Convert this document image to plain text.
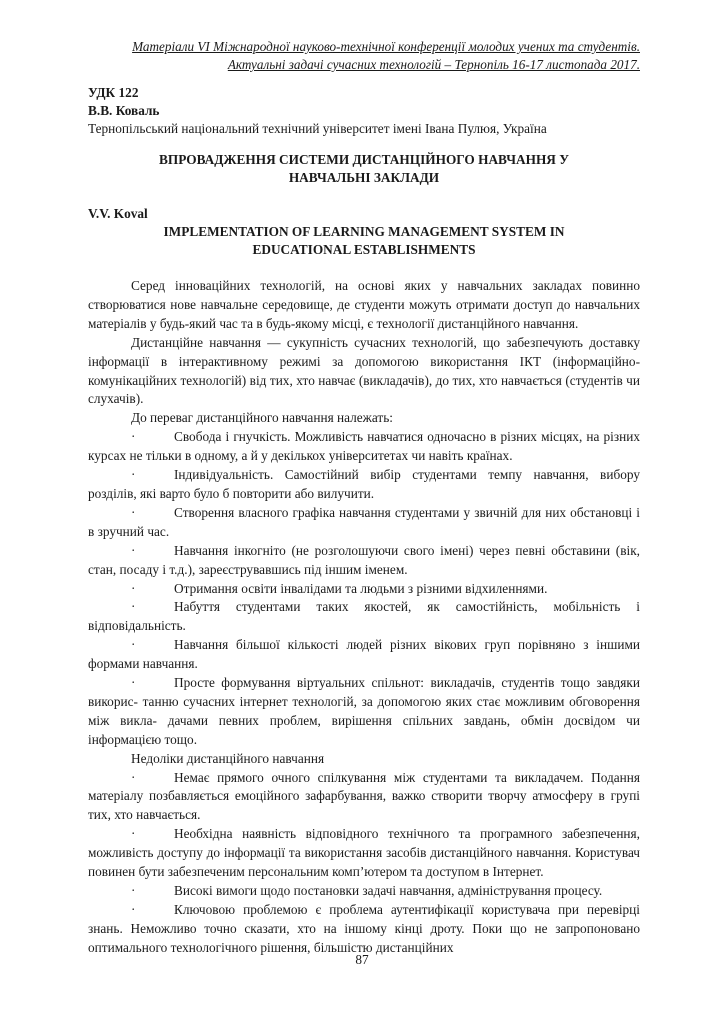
Матеріали VI Міжнародної науково-технічної конференції молодих учених та студентів.
Актуальні задачі сучасних технологій – Тернопіль 16-17 листопада 2017.
УДК 122
В.В. Коваль
Тернопільський національний технічний університет імені Івана Пулюя, Україна
ВПРОВАДЖЕННЯ СИСТЕМИ ДИСТАНЦІЙНОГО НАВЧАННЯ У
НАВЧАЛЬНІ ЗАКЛАДИ
V.V. Koval
IMPLEMENTATION OF LEARNING MANAGEMENT SYSTEM IN
EDUCATIONAL ESTABLISHMENTS

Серед інноваційних технологій, на основі яких у навчальних закладах повинно створюватися нове навчальне середовище, де студенти можуть отримати доступ до навчальних матеріалів у будь-який час та в будь-якому місці, є технології дистанційного навчання.

Дистанційне навчання — сукупність сучасних технологій, що забезпечують доставку інформації в інтерактивному режимі за допомогою використання ІКТ (інформаційно-комунікаційних технологій) від тих, хто навчає (викладачів), до тих, хто навчається (студентів чи слухачів).

До переваг дистанційного навчання належать:

·	Свобода і гнучкість. Можливість навчатися одночасно в різних місцях, на різних курсах не тільки в одному, а й у декількох університетах чи навіть країнах.

·	Індивідуальність. Самостійний вибір студентами темпу навчання, вибору розділів, які варто було б повторити або вилучити.

·	Створення власного графіка навчання студентами у звичній для них обстановці і в зручний час.

·	Навчання інкогніто (не розголошуючи свого імені) через певні обставини (вік, стан, посаду і т.д.), зареєструвавшись під іншим іменем.

·	Отримання освіти інвалідами та людьми з різними відхиленнями.

·	Набуття студентами таких якостей, як самостійність, мобільність і відповідальність.

·	Навчання більшої кількості людей різних вікових груп порівняно з іншими формами навчання.

·	Просте формування віртуальних спільнот: викладачів, студентів тощо завдяки викорис- танню сучасних інтернет технологій, за допомогою яких стає можливим обговорення між викла- дачами певних проблем, вирішення спільних завдань, обмін досвідом чи інформацією тощо.

Недоліки дистанційного навчання

·	Немає прямого очного спілкування між студентами та викладачем. Подання матеріалу позбавляється емоційного зафарбування, важко створити творчу атмосферу в групі тих, хто навчається.

·	Необхідна наявність відповідного технічного та програмного забезпечення, можливість доступу до інформації та використання засобів дистанційного навчання. Користувач повинен бути забезпеченим персональним комп’ютером та доступом в Інтернет.

·	Високі вимоги щодо постановки задачі навчання, адміністрування процесу.

·	Ключовою проблемою є проблема аутентифікації користувача при перевірці знань. Неможливо точно сказати, хто на іншому кінці дроту. Поки що не запропоновано оптимального технологічного рішення, більшістю дистанційних

87
